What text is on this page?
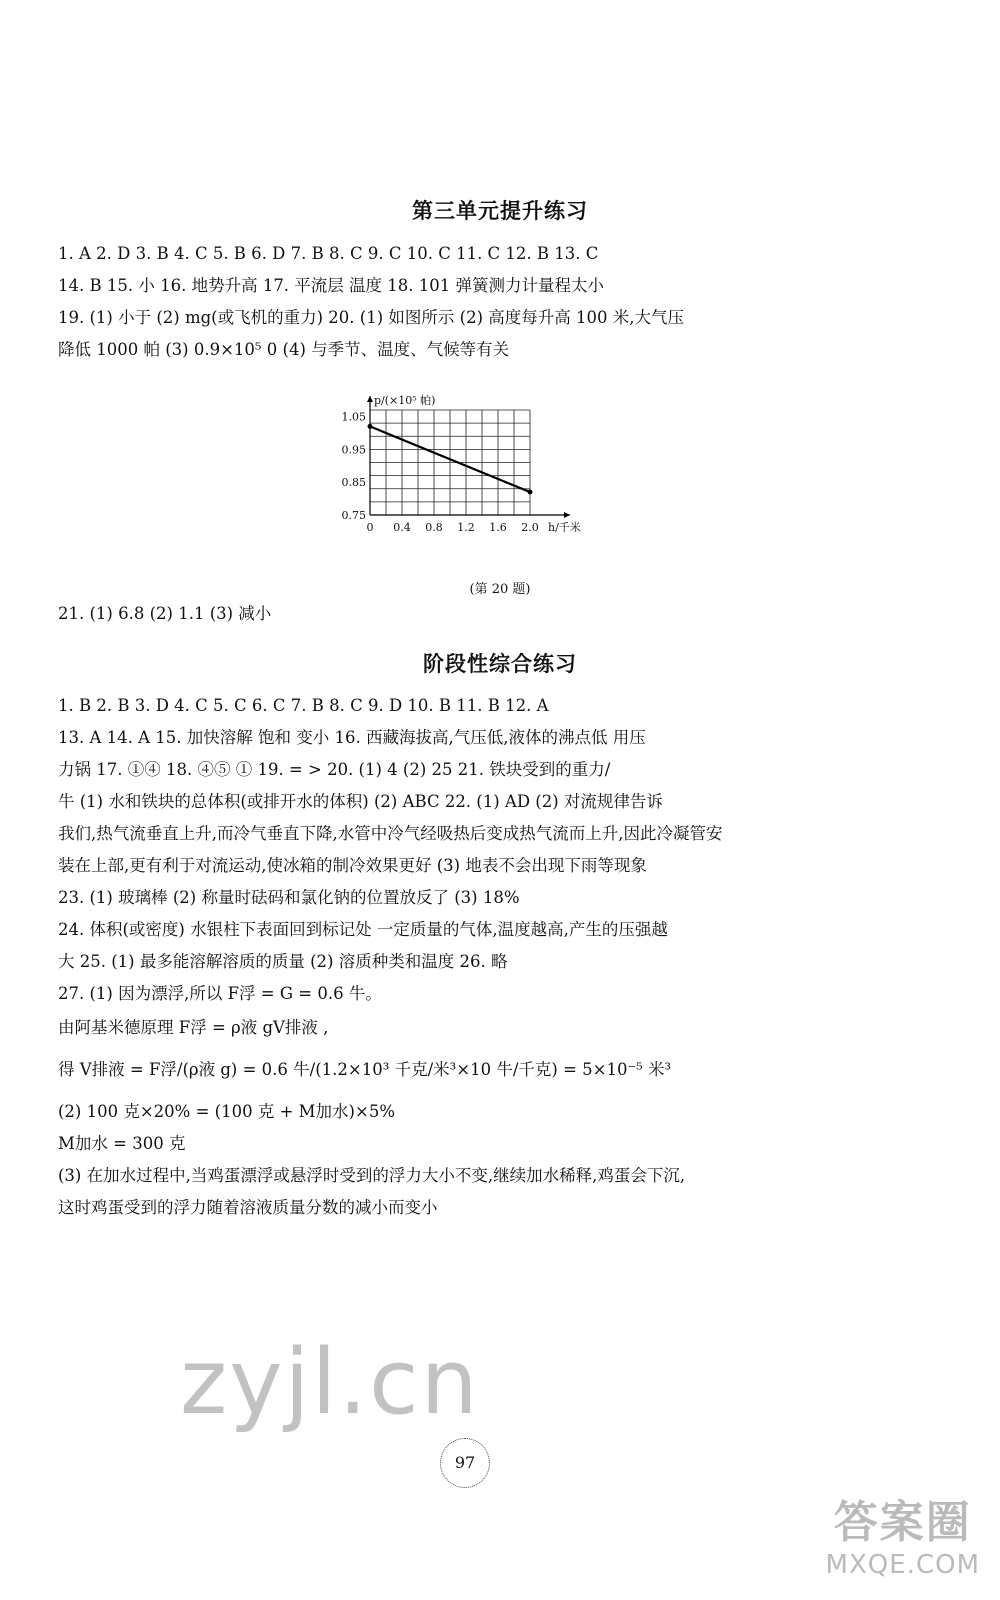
第三单元提升练习
1. A 2. D 3. B 4. C 5. B 6. D 7. B 8. C 9. C 10. C 11. C 12. B 13. C
14. B 15. 小 16. 地势升高 17. 平流层 温度 18. 101 弹簧测力计量程太小
19. (1) 小于 (2) mg(或飞机的重力) 20. (1) 如图所示 (2) 高度每升高 100 米,大气压
降低 1000 帕 (3) 0.9×10⁵ 0 (4) 与季节、温度、气候等有关
0 0.4 0.8 1.2 1.6 2.0
0.75
0.85
0.95
1.05
p/(×10⁵ 帕)
h/千米
(第 20 题)
21. (1) 6.8 (2) 1.1 (3) 减小
阶段性综合练习
1. B 2. B 3. D 4. C 5. C 6. C 7. B 8. C 9. D 10. B 11. B 12. A
13. A 14. A 15. 加快溶解 饱和 变小 16. 西藏海拔高,气压低,液体的沸点低 用压
力锅 17. ①④ 18. ④⑤ ① 19. = > 20. (1) 4 (2) 25 21. 铁块受到的重力/
牛 (1) 水和铁块的总体积(或排开水的体积) (2) ABC 22. (1) AD (2) 对流规律告诉
我们,热气流垂直上升,而冷气垂直下降,水管中冷气经吸热后变成热气流而上升,因此冷凝管安
装在上部,更有利于对流运动,使冰箱的制冷效果更好 (3) 地表不会出现下雨等现象
23. (1) 玻璃棒 (2) 称量时砝码和氯化钠的位置放反了 (3) 18%
24. 体积(或密度) 水银柱下表面回到标记处 一定质量的气体,温度越高,产生的压强越
大 25. (1) 最多能溶解溶质的质量 (2) 溶质种类和温度 26. 略
27. (1) 因为漂浮,所以 F浮 = G = 0.6 牛。
由阿基米德原理 F浮 = ρ液 gV排液 ,
得 V排液 = F浮/(ρ液 g) = 0.6 牛/(1.2×10³ 千克/米³×10 牛/千克) = 5×10⁻⁵ 米³
(2) 100 克×20% = (100 克 + M加水)×5%
M加水 = 300 克
(3) 在加水过程中,当鸡蛋漂浮或悬浮时受到的浮力大小不变,继续加水稀释,鸡蛋会下沉,
这时鸡蛋受到的浮力随着溶液质量分数的减小而变小
zyjl.cn
97
答案圈
MXQE.COM
